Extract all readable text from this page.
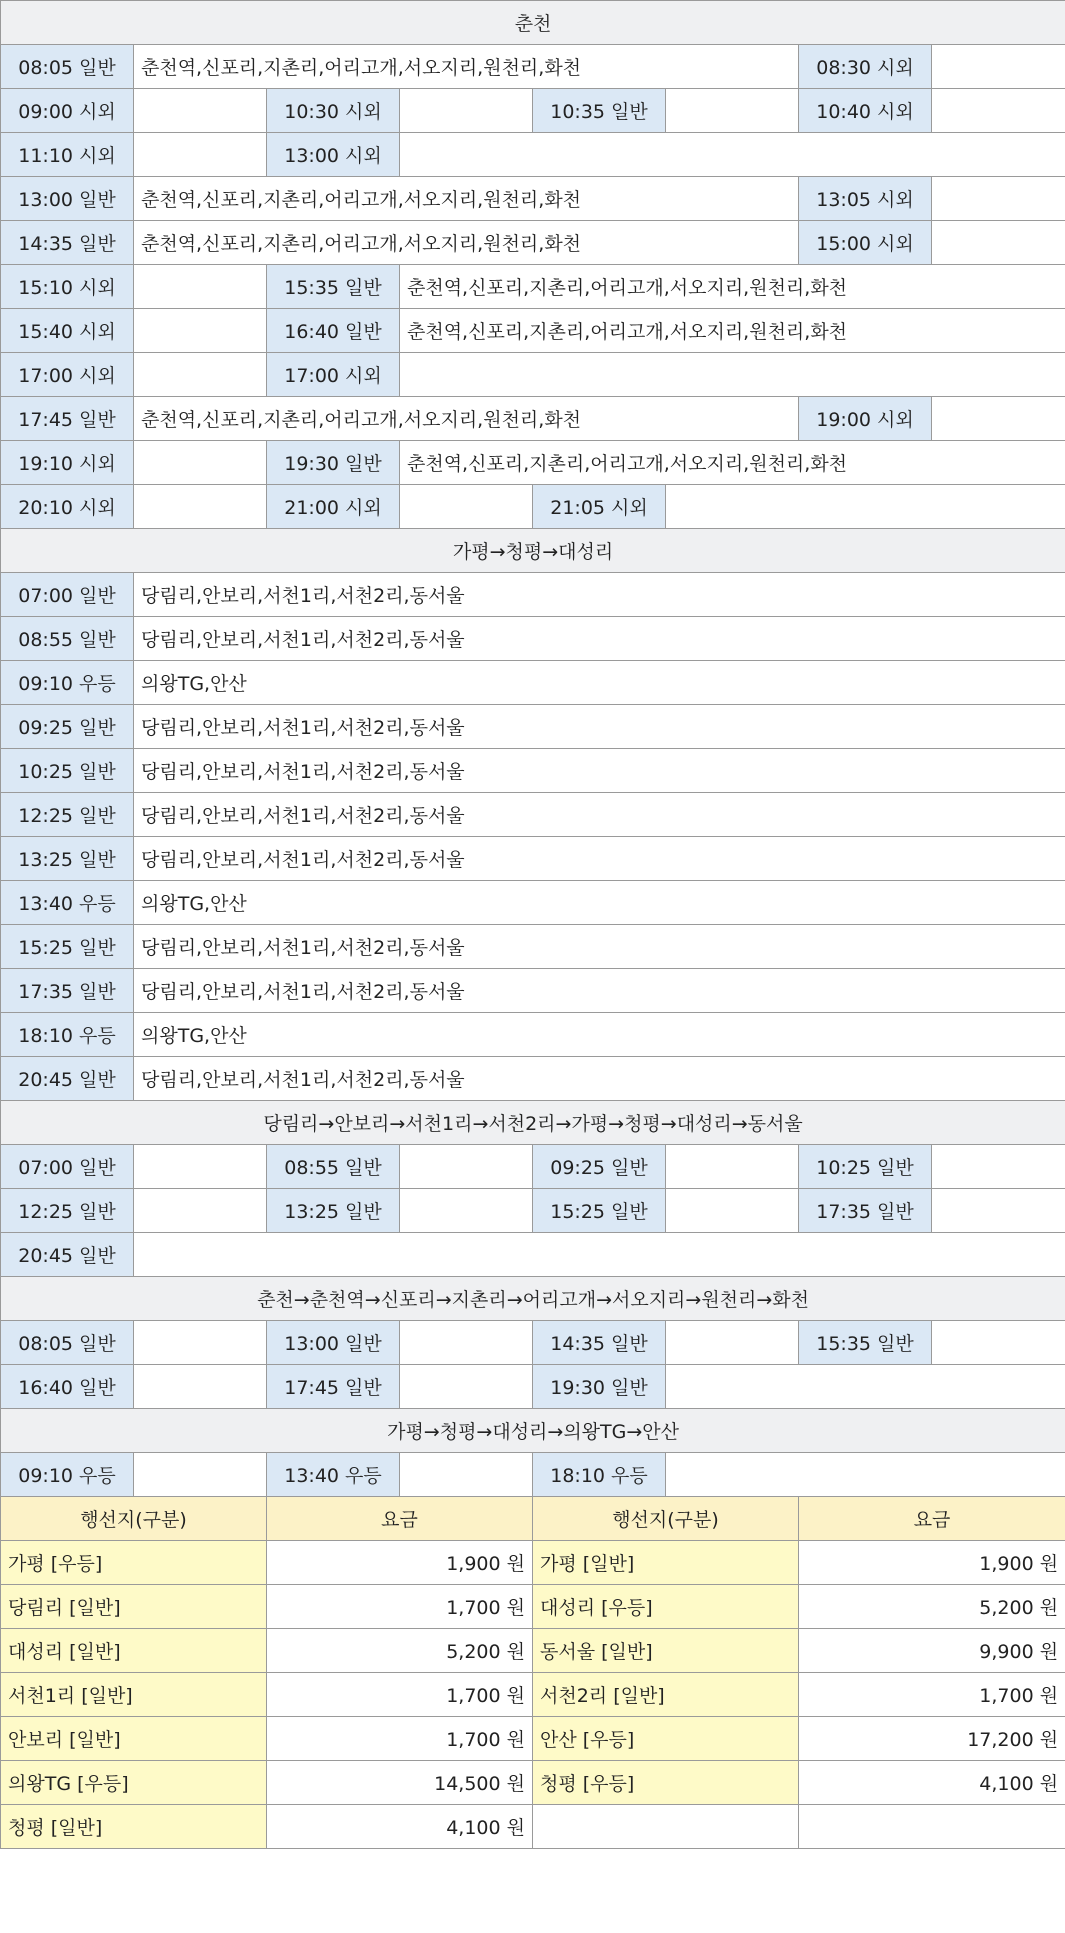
춘천							
08:05 일반	춘천역,신포리,지촌리,어리고개,서오지리,원천리,화천					08:30 시외	
09:00 시외		10:30 시외		10:35 일반		10:40 시외	
11:10 시외		13:00 시외					
13:00 일반	춘천역,신포리,지촌리,어리고개,서오지리,원천리,화천					13:05 시외	
14:35 일반	춘천역,신포리,지촌리,어리고개,서오지리,원천리,화천					15:00 시외	
15:10 시외		15:35 일반	춘천역,신포리,지촌리,어리고개,서오지리,원천리,화천				
15:40 시외		16:40 일반	춘천역,신포리,지촌리,어리고개,서오지리,원천리,화천				
17:00 시외		17:00 시외					
17:45 일반	춘천역,신포리,지촌리,어리고개,서오지리,원천리,화천					19:00 시외	
19:10 시외		19:30 일반	춘천역,신포리,지촌리,어리고개,서오지리,원천리,화천				
20:10 시외		21:00 시외		21:05 시외			
가평→청평→대성리							
07:00 일반	당림리,안보리,서천1리,서천2리,동서울						
08:55 일반	당림리,안보리,서천1리,서천2리,동서울						
09:10 우등	의왕TG,안산						
09:25 일반	당림리,안보리,서천1리,서천2리,동서울						
10:25 일반	당림리,안보리,서천1리,서천2리,동서울						
12:25 일반	당림리,안보리,서천1리,서천2리,동서울						
13:25 일반	당림리,안보리,서천1리,서천2리,동서울						
13:40 우등	의왕TG,안산						
15:25 일반	당림리,안보리,서천1리,서천2리,동서울						
17:35 일반	당림리,안보리,서천1리,서천2리,동서울						
18:10 우등	의왕TG,안산						
20:45 일반	당림리,안보리,서천1리,서천2리,동서울						
당림리→안보리→서천1리→서천2리→가평→청평→대성리→동서울							
07:00 일반		08:55 일반		09:25 일반		10:25 일반	
12:25 일반		13:25 일반		15:25 일반		17:35 일반	
20:45 일반							
춘천→춘천역→신포리→지촌리→어리고개→서오지리→원천리→화천							
08:05 일반		13:00 일반		14:35 일반		15:35 일반	
16:40 일반		17:45 일반		19:30 일반			
가평→청평→대성리→의왕TG→안산							
09:10 우등		13:40 우등		18:10 우등			
행선지(구분)		요금		행선지(구분)		요금	
가평 [우등]		1,900 원		가평 [일반]		1,900 원	
당림리 [일반]		1,700 원		대성리 [우등]		5,200 원	
대성리 [일반]		5,200 원		동서울 [일반]		9,900 원	
서천1리 [일반]		1,700 원		서천2리 [일반]		1,700 원	
안보리 [일반]		1,700 원		안산 [우등]		17,200 원	
의왕TG [우등]		14,500 원		청평 [우등]		4,100 원	
청평 [일반]		4,100 원					
